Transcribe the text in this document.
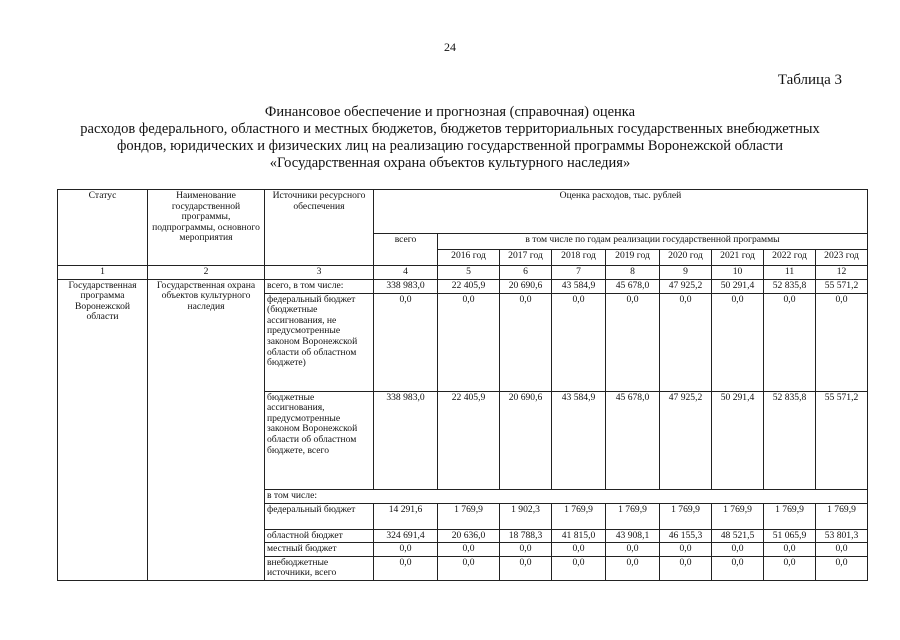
24
Таблица 3
Финансовое обеспечение и прогнозная (справочная) оценка
расходов федерального, областного и местных бюджетов, бюджетов территориальных государственных внебюджетных
фондов, юридических и физических лиц на реализацию государственной программы Воронежской области
«Государственная охрана объектов культурного наследия»
Статус	Наименование государственной программы, подпрограммы, основного мероприятия	Источники ресурсного обеспечения	Оценка расходов, тыс. рублей								
			всего	в том числе по годам реализации государственной программы							
				2016 год	2017 год	2018 год	2019 год	2020 год	2021 год	2022 год	2023 год
1	2	3	4	5	6	7	8	9	10	11	12
Государственная программа Воронежской области	Государственная охрана объектов культурного наследия	всего, в том числе:	338 983,0	22 405,9	20 690,6	43 584,9	45 678,0	47 925,2	50 291,4	52 835,8	55 571,2
		федеральный бюджет (бюджетные ассигнования, не предусмотренные законом Воронежской области об областном бюджете)	0,0	0,0	0,0	0,0	0,0	0,0	0,0	0,0	0,0
		бюджетные ассигнования, предусмотренные законом Воронежской области об областном бюджете, всего	338 983,0	22 405,9	20 690,6	43 584,9	45 678,0	47 925,2	50 291,4	52 835,8	55 571,2
		в том числе:									
		федеральный бюджет	14 291,6	1 769,9	1 902,3	1 769,9	1 769,9	1 769,9	1 769,9	1 769,9	1 769,9
		областной бюджет	324 691,4	20 636,0	18 788,3	41 815,0	43 908,1	46 155,3	48 521,5	51 065,9	53 801,3
		местный бюджет	0,0	0,0	0,0	0,0	0,0	0,0	0,0	0,0	0,0
		внебюджетные источники, всего	0,0	0,0	0,0	0,0	0,0	0,0	0,0	0,0	0,0
